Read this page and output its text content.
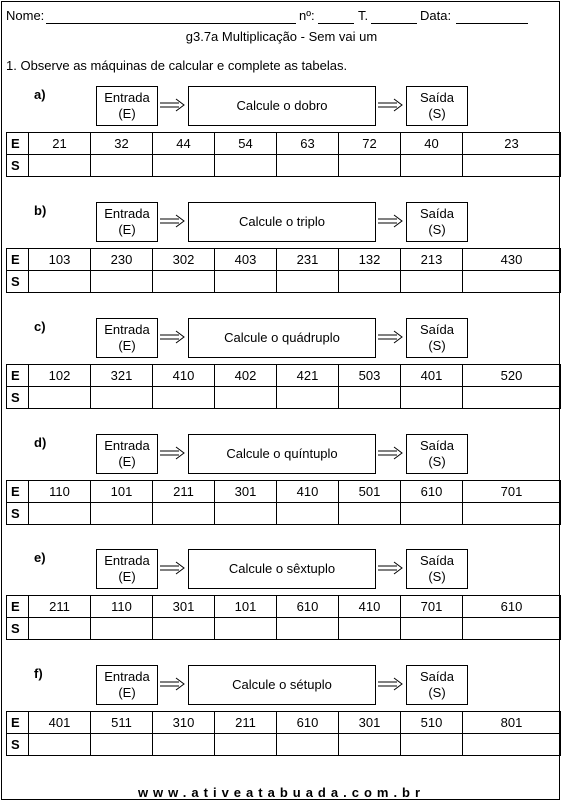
Nome:	nº:	T.	Data:
g3.7a Multiplicação - Sem vai um
1. Observe as máquinas de calcular e complete as tabelas.
a)	Entrada
(E)
Calcule o dobro
Saída
(S)
E	21	32	44	54	63	72	40	23
S								
b)	Entrada
(E)
Calcule o triplo
Saída
(S)
E	103	230	302	403	231	132	213	430
S								
c)	Entrada
(E)
Calcule o quádruplo
Saída
(S)
E	102	321	410	402	421	503	401	520
S								
d)	Entrada
(E)
Calcule o quíntuplo
Saída
(S)
E	110	101	211	301	410	501	610	701
S								
e)	Entrada
(E)
Calcule o sêxtuplo
Saída
(S)
E	211	110	301	101	610	410	701	610
S								
f)	Entrada
(E)
Calcule o sétuplo
Saída
(S)
E	401	511	310	211	610	301	510	801
S								
www.ativeatabuada.com.br
